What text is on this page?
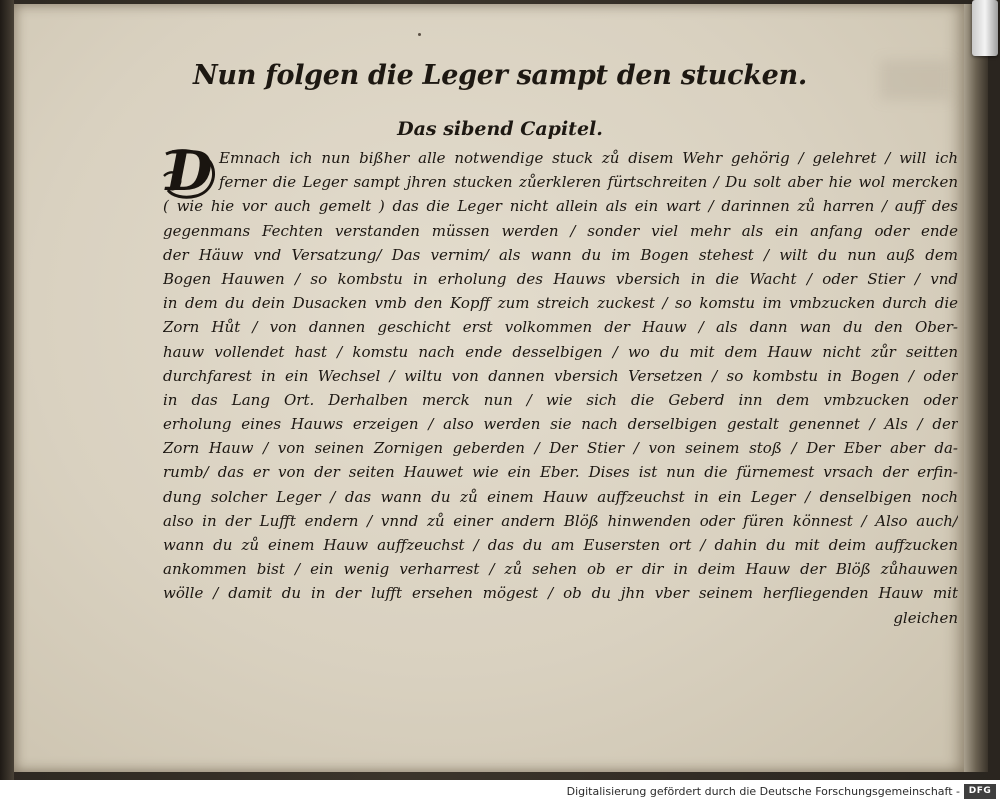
Nun folgen die Leger sampt den stucken.
Das sibend Capitel.
D Emnach ich nun bißher alle notwendige stuck zů disem Wehr gehörig / gelehret / will ich
ferner die Leger sampt jhren stucken zůerkleren fürtschreiten / Du solt aber hie wol mercken
( wie hie vor auch gemelt ) das die Leger nicht allein als ein wart / darinnen zů harren / auff des
gegenmans Fechten verstanden müssen werden / sonder viel mehr als ein anfang oder ende
der Häuw vnd Versatzung/ Das vernim/ als wann du im Bogen stehest / wilt du nun auß dem
Bogen Hauwen / so kombstu in erholung des Hauws vbersich in die Wacht / oder Stier / vnd
in dem du dein Dusacken vmb den Kopff zum streich zuckest / so komstu im vmbzucken durch die
Zorn Hůt / von dannen geschicht erst volkommen der Hauw / als dann wan du den Ober-
hauw vollendet hast / komstu nach ende desselbigen / wo du mit dem Hauw nicht zůr seitten
durchfarest in ein Wechsel / wiltu von dannen vbersich Versetzen / so kombstu in Bogen / oder
in das Lang Ort. Derhalben merck nun / wie sich die Geberd inn dem vmbzucken oder
erholung eines Hauws erzeigen / also werden sie nach derselbigen gestalt genennet / Als / der
Zorn Hauw / von seinen Zornigen geberden / Der Stier / von seinem stoß / Der Eber aber da-
rumb/ das er von der seiten Hauwet wie ein Eber. Dises ist nun die fürnemest vrsach der erfin-
dung solcher Leger / das wann du zů einem Hauw auffzeuchst in ein Leger / denselbigen noch
also in der Lufft endern / vnnd zů einer andern Blöß hinwenden oder füren könnest / Also auch/
wann du zů einem Hauw auffzeuchst / das du am Eusersten ort / dahin du mit deim auffzucken
ankommen bist / ein wenig verharrest / zů sehen ob er dir in deim Hauw der Blöß zůhauwen
wölle / damit du in der lufft ersehen mögest / ob du jhn vber seinem herfliegenden Hauw mit
gleichen
Digitalisierung gefördert durch die Deutsche Forschungsgemeinschaft - DFG
